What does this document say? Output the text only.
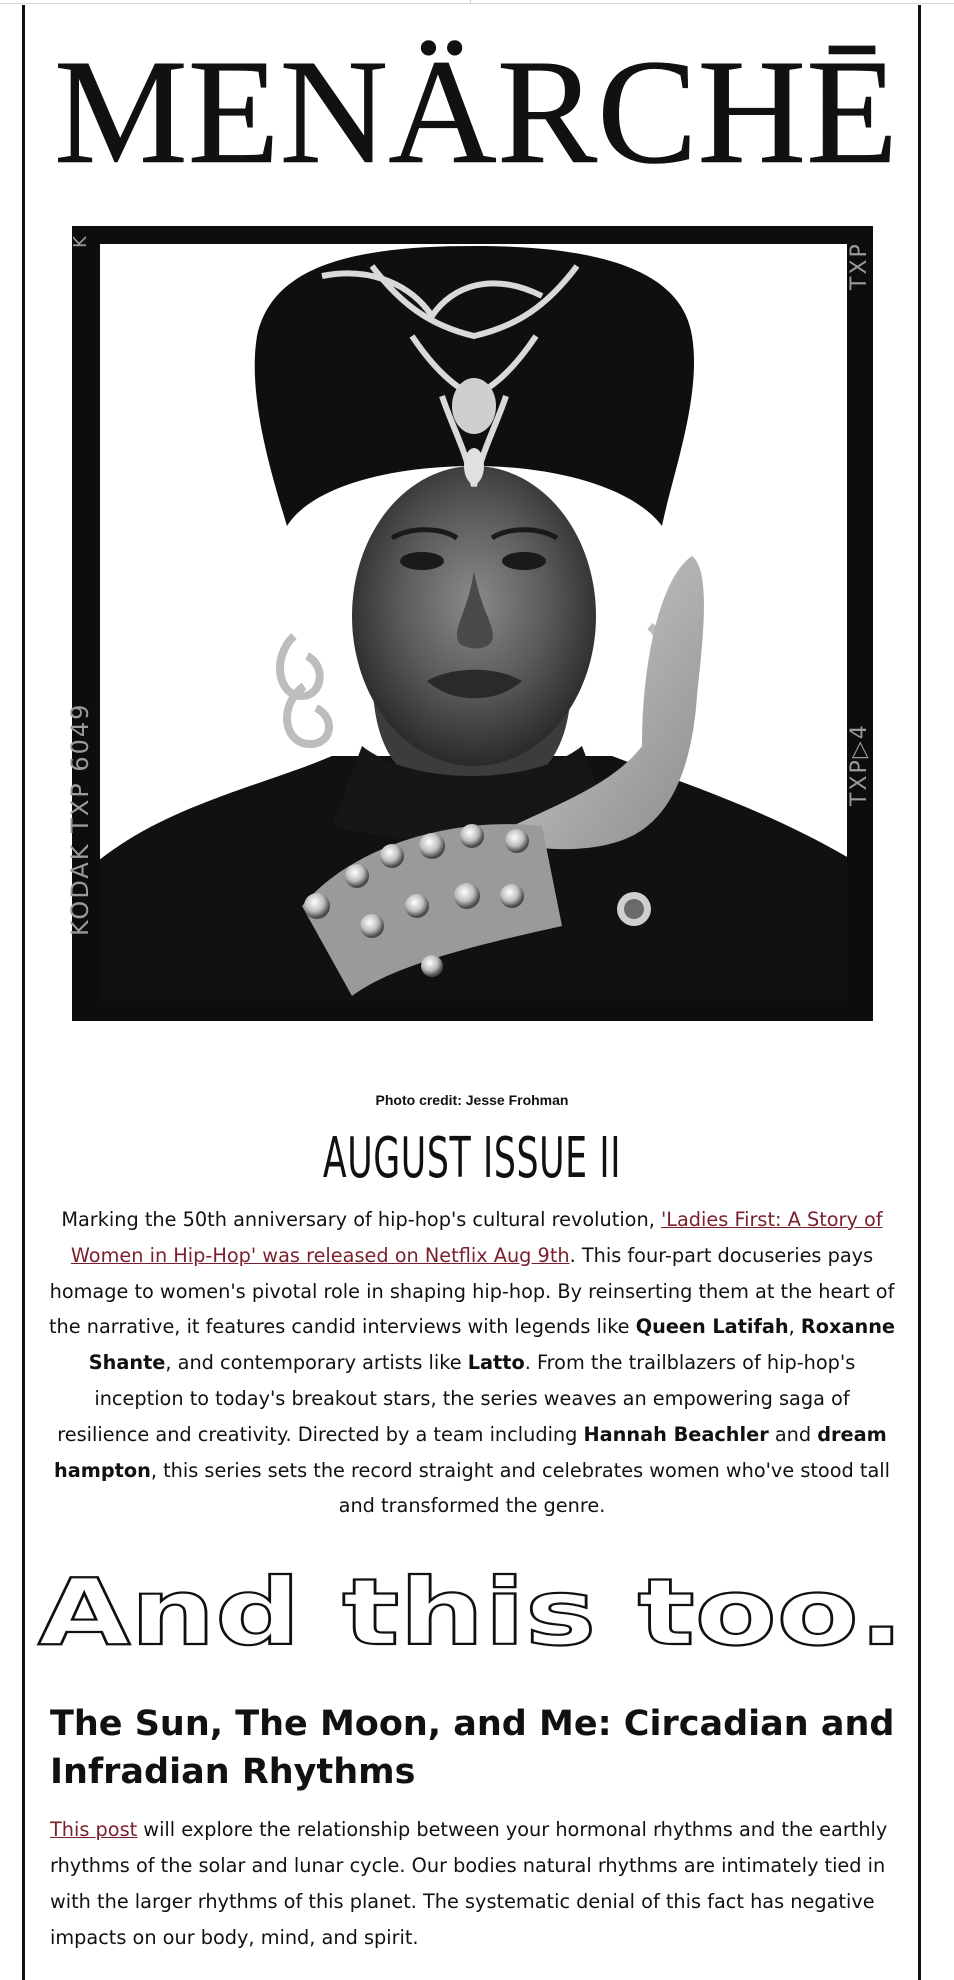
MENÄRCHĒ
K
KODAK TXP 6049
TXP
TXP▷4
Photo credit: Jesse Frohman
AUGUST ISSUE II
Marking the 50th anniversary of hip-hop's cultural revolution, 'Ladies First: A Story of Women in Hip-Hop' was released on Netflix Aug 9th. This four-part docuseries pays homage to women's pivotal role in shaping hip-hop. By reinserting them at the heart of the narrative, it features candid interviews with legends like Queen Latifah, Roxanne Shante, and contemporary artists like Latto. From the trailblazers of hip-hop's inception to today's breakout stars, the series weaves an empowering saga of resilience and creativity. Directed by a team including Hannah Beachler and dream hampton, this series sets the record straight and celebrates women who've stood tall and transformed the genre.
And this too.
The Sun, The Moon, and Me: Circadian and Infradian Rhythms
This post will explore the relationship between your hormonal rhythms and the earthly rhythms of the solar and lunar cycle. Our bodies natural rhythms are intimately tied in with the larger rhythms of this planet. The systematic denial of this fact has negative impacts on our body, mind, and spirit.
